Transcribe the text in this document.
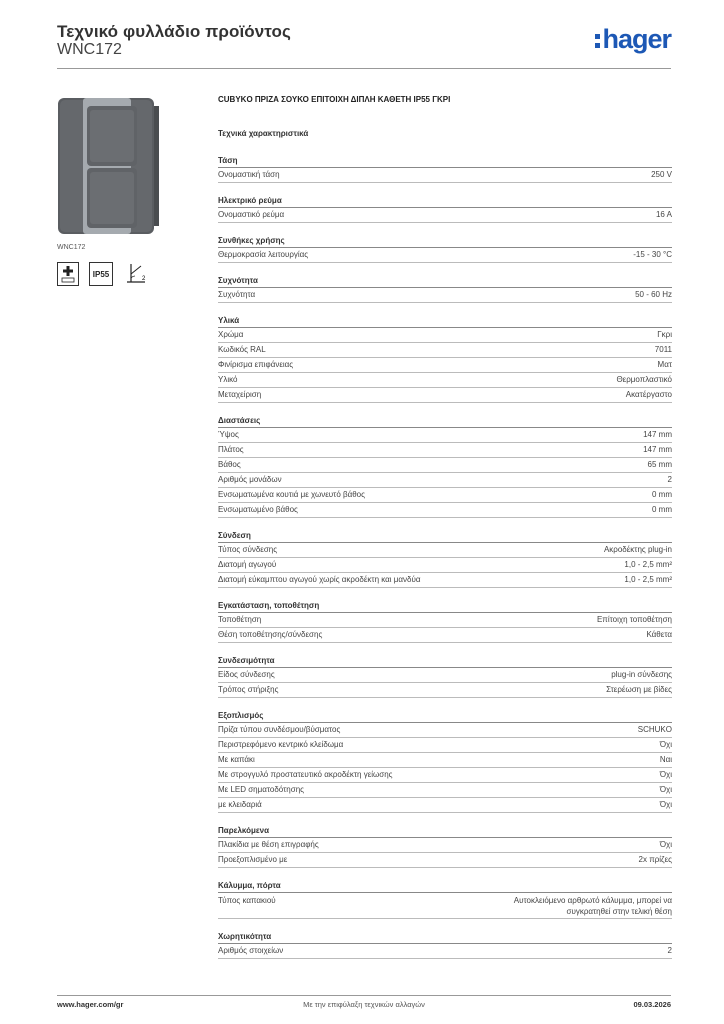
Τεχνικό φυλλάδιο προϊόντος
WNC172	hager
WNC172
IP55
2
CUBYKO ΠΡΙΖΑ ΣΟΥΚΟ ΕΠΙΤΟΙΧΗ ΔΙΠΛΗ ΚΑΘΕΤΗ IP55 ΓΚΡΙ
Τεχνικά χαρακτηριστικά
Τάση
Ονομαστική τάση	250 V
Ηλεκτρικό ρεύμα
Ονομαστικό ρεύμα	16 A
Συνθήκες χρήσης
Θερμοκρασία λειτουργίας	-15 - 30 °C
Συχνότητα
Συχνότητα	50 - 60 Hz
Υλικά
Χρώμα	Γκρι
Κωδικός RAL	7011
Φινίρισμα επιφάνειας	Ματ
Υλικό	Θερμοπλαστικό
Μεταχείριση	Ακατέργαστο
Διαστάσεις
Ύψος	147 mm
Πλάτος	147 mm
Βάθος	65 mm
Αριθμός μονάδων	2
Ενσωματωμένα κουτιά με χωνευτό βάθος	0 mm
Ενσωματωμένο βάθος	0 mm
Σύνδεση
Τύπος σύνδεσης	Ακροδέκτης plug-in
Διατομή αγωγού	1,0 - 2,5 mm²
Διατομή εύκαμπτου αγωγού χωρίς ακροδέκτη και μανδύα	1,0 - 2,5 mm²
Εγκατάσταση, τοποθέτηση
Τοποθέτηση	Επίτοιχη τοποθέτηση
Θέση τοποθέτησης/σύνδεσης	Κάθετα
Συνδεσιμότητα
Είδος σύνδεσης	plug-in σύνδεσης
Τρόπος στήριξης	Στερέωση με βίδες
Εξοπλισμός
Πρίζα τύπου συνδέσμου/βύσματος	SCHUKO
Περιστρεφόμενο κεντρικό κλείδωμα	Όχι
Με καπάκι	Ναι
Με στρογγυλό προστατευτικό ακροδέκτη γείωσης	Όχι
Με LED σηματοδότησης	Όχι
με κλειδαριά	Όχι
Παρελκόμενα
Πλακίδια με θέση επιγραφής	Όχι
Προεξοπλισμένο με	2x πρίζες
Κάλυμμα, πόρτα
Τύπος καπακιού	Αυτοκλειόμενο αρθρωτό κάλυμμα, μπορεί να
συγκρατηθεί στην τελική θέση
Χωρητικότητα
Αριθμός στοιχείων	2
www.hager.com/gr	Με την επιφύλαξη τεχνικών αλλαγών	09.03.2026
